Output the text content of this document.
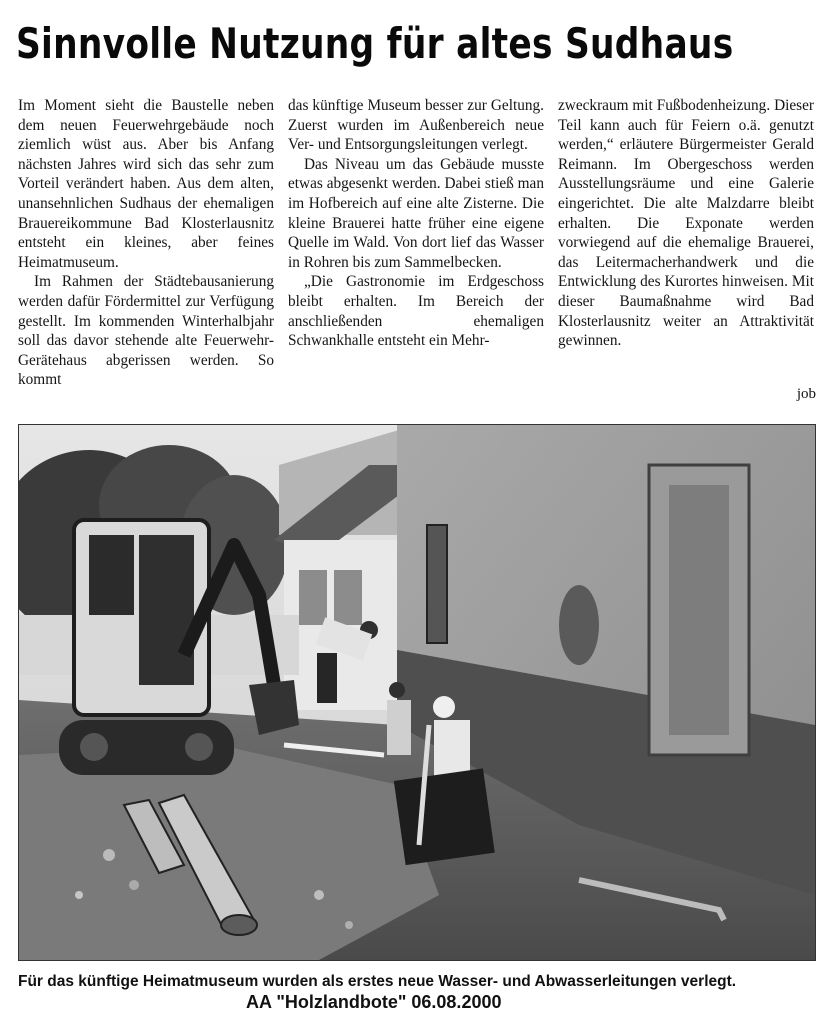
Sinnvolle Nutzung für altes Sudhaus

Im Moment sieht die Baustelle neben dem neuen Feuerwehrgebäude noch ziemlich wüst aus. Aber bis Anfang nächsten Jahres wird sich das sehr zum Vorteil verändert haben. Aus dem alten, unansehnlichen Sudhaus der ehemaligen Brauereikommune Bad Klosterlausnitz entsteht ein kleines, aber feines Heimatmuseum.

Im Rahmen der Städtebausanierung werden dafür Fördermittel zur Verfügung gestellt. Im kommenden Winterhalbjahr soll das davor stehende alte Feuerwehr- Gerätehaus abgerissen werden. So kommt

das künftige Museum besser zur Geltung. Zuerst wurden im Außenbereich neue Ver- und Entsorgungsleitungen verlegt.

Das Niveau um das Gebäude musste etwas abgesenkt werden. Dabei stieß man im Hofbereich auf eine alte Zisterne. Die kleine Brauerei hatte früher eine eigene Quelle im Wald. Von dort lief das Wasser in Rohren bis zum Sammelbecken.

„Die Gastronomie im Erdgeschoss bleibt erhalten. Im Bereich der anschließenden ehemaligen Schwankhalle entsteht ein Mehr-

zweckraum mit Fußbodenheizung. Dieser Teil kann auch für Feiern o.ä. genutzt werden,“ erläutere Bürgermeister Gerald Reimann. Im Obergeschoss werden Ausstellungsräume und eine Galerie eingerichtet. Die alte Malzdarre bleibt erhalten. Die Exponate werden vorwiegend auf die ehemalige Brauerei, das Leitermacherhandwerk und die Entwicklung des Kurortes hinweisen. Mit dieser Baumaßnahme wird Bad Klosterlausnitz weiter an Attraktivität gewinnen.

job
Für das künftige Heimatmuseum wurden als erstes neue Wasser- und Abwasserleitungen verlegt.
AA "Holzlandbote" 06.08.2000
